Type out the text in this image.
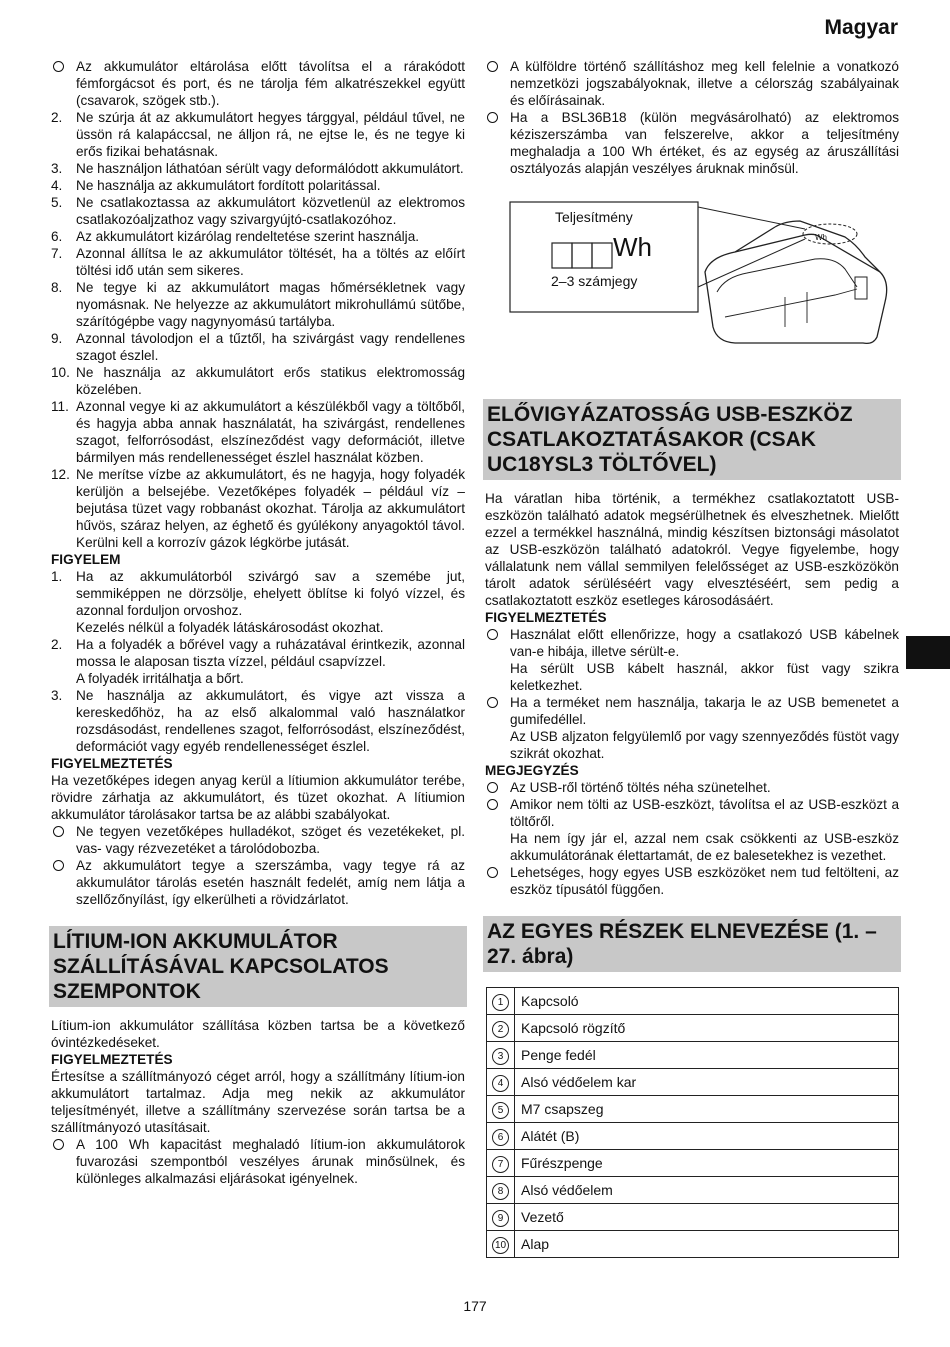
Magyar
Az akkumulátor eltárolása előtt távolítsa el a rárakódott fémforgácsot és port, és ne tárolja fém alkatrészekkel együtt (csavarok, szögek stb.).
2. Ne szúrja át az akkumulátort hegyes tárggyal, például tűvel, ne üssön rá kalapáccsal, ne álljon rá, ne ejtse le, és ne tegye ki erős fizikai behatásnak.
3. Ne használjon láthatóan sérült vagy deformálódott akkumulátort.
4. Ne használja az akkumulátort fordított polaritással.
5. Ne csatlakoztassa az akkumulátort közvetlenül az elektromos csatlakozóaljzathoz vagy szivargyújtó-csatlakozóhoz.
6. Az akkumulátort kizárólag rendeltetése szerint használja.
7. Azonnal állítsa le az akkumulátor töltését, ha a töltés az előírt töltési idő után sem sikeres.
8. Ne tegye ki az akkumulátort magas hőmérsékletnek vagy nyomásnak. Ne helyezze az akkumulátort mikrohullámú sütőbe, szárítógépbe vagy nagynyomású tartályba.
9. Azonnal távolodjon el a tűztől, ha szivárgást vagy rendellenes szagot észlel.
10. Ne használja az akkumulátort erős statikus elektromosság közelében.
11. Azonnal vegye ki az akkumulátort a készülékből vagy a töltőből, és hagyja abba annak használatát, ha szivárgást, rendellenes szagot, felforrósodást, elszíneződést vagy deformációt, illetve bármilyen más rendellenességet észlel használat közben.
12. Ne merítse vízbe az akkumulátort, és ne hagyja, hogy folyadék kerüljön a belsejébe. Vezetőképes folyadék – például víz – bejutása tüzet vagy robbanást okozhat. Tárolja az akkumulátort hűvös, száraz helyen, az éghető és gyúlékony anyagoktól távol. Kerülni kell a korrozív gázok légkörbe jutását.
FIGYELEM
1. Ha az akkumulátorból szivárgó sav a szemébe jut, semmiképpen ne dörzsölje, ehelyett öblítse ki folyó vízzel, és azonnal forduljon orvoshoz.
Kezelés nélkül a folyadék látáskárosodást okozhat.
2. Ha a folyadék a bőrével vagy a ruházatával érintkezik, azonnal mossa le alaposan tiszta vízzel, például csapvízzel.
A folyadék irritálhatja a bőrt.
3. Ne használja az akkumulátort, és vigye azt vissza a kereskedőhöz, ha az első alkalommal való használatkor rozsdásodást, rendellenes szagot, felforrósodást, elszíneződést, deformációt vagy egyéb rendellenességet észlel.
FIGYELMEZTETÉS

Ha vezetőképes idegen anyag kerül a lítiumion akkumulátor terébe, rövidre zárhatja az akkumulátort, és tüzet okozhat. A lítiumion akkumulátor tárolásakor tartsa be az alábbi szabályokat.

Ne tegyen vezetőképes hulladékot, szöget és vezetékeket, pl. vas- vagy rézvezetéket a tárolódobozba.
Az akkumulátort tegye a szerszámba, vagy tegye rá az akkumulátor tárolás esetén használt fedelét, amíg nem látja a szellőzőnyílást, így elkerülheti a rövidzárlatot.
LÍTIUM-ION AKKUMULÁTOR SZÁLLÍTÁSÁVAL KAPCSOLATOS SZEMPONTOK

Lítium-ion akkumulátor szállítása közben tartsa be a következő óvintézkedéseket.

FIGYELMEZTETÉS

Értesítse a szállítmányozó céget arról, hogy a szállítmány lítium-ion akkumulátort tartalmaz. Adja meg nekik az akkumulátor teljesítményét, illetve a szállítmány szervezése során tartsa be a szállítmányozó utasításait.

A 100 Wh kapacitást meghaladó lítium-ion akkumulátorok fuvarozási szempontból veszélyes árunak minősülnek, és különleges alkalmazási eljárásokat igényelnek.
A külföldre történő szállításhoz meg kell felelnie a vonatkozó nemzetközi jogszabályoknak, illetve a célország szabályainak és előírásainak.
Ha a BSL36B18 (külön megvásárolható) az elektromos kéziszerszámba van felszerelve, akkor a teljesítmény meghaladja a 100 Wh értéket, és az egység az áruszállítási osztályozás alapján veszélyes áruknak minősül.
Teljesítmény
Wh
2–3 számjegy
Wh
ELŐVIGYÁZATOSSÁG USB-ESZKÖZ CSATLAKOZTATÁSAKOR (CSAK UC18YSL3 TÖLTŐVEL)

Ha váratlan hiba történik, a termékhez csatlakoztatott USB-eszközön található adatok megsérülhetnek és elveszhetnek. Mielőtt ezzel a termékkel használná, mindig készítsen biztonsági másolatot az USB-eszközön található adatokról. Vegye figyelembe, hogy vállalatunk nem vállal semmilyen felelősséget az USB-eszközökön tárolt adatok sérüléséért vagy elvesztéséért, sem pedig a csatlakoztatott eszköz esetleges károsodásáért.

FIGYELMEZTETÉS
Használat előtt ellenőrizze, hogy a csatlakozó USB kábelnek van-e hibája, illetve sérült-e.
Ha sérült USB kábelt használ, akkor füst vagy szikra keletkezhet.
Ha a terméket nem használja, takarja le az USB bemenetet a gumifedéllel.
Az USB aljzaton felgyülemlő por vagy szennyeződés füstöt vagy szikrát okozhat.
MEGJEGYZÉS
Az USB-ről történő töltés néha szünetelhet.
Amikor nem tölti az USB-eszközt, távolítsa el az USB-eszközt a töltőről.
Ha nem így jár el, azzal nem csak csökkenti az USB-eszköz akkumulátorának élettartamát, de ez balesetekhez is vezethet.
Lehetséges, hogy egyes USB eszközöket nem tud feltölteni, az eszköz típusától függően.
AZ EGYES RÉSZEK ELNEVEZÉSE (1. – 27. ábra)
1	Kapcsoló
2	Kapcsoló rögzítő
3	Penge fedél
4	Alsó védőelem kar
5	M7 csapszeg
6	Alátét (B)
7	Fűrészpenge
8	Alsó védőelem
9	Vezető
10	Alap
177
